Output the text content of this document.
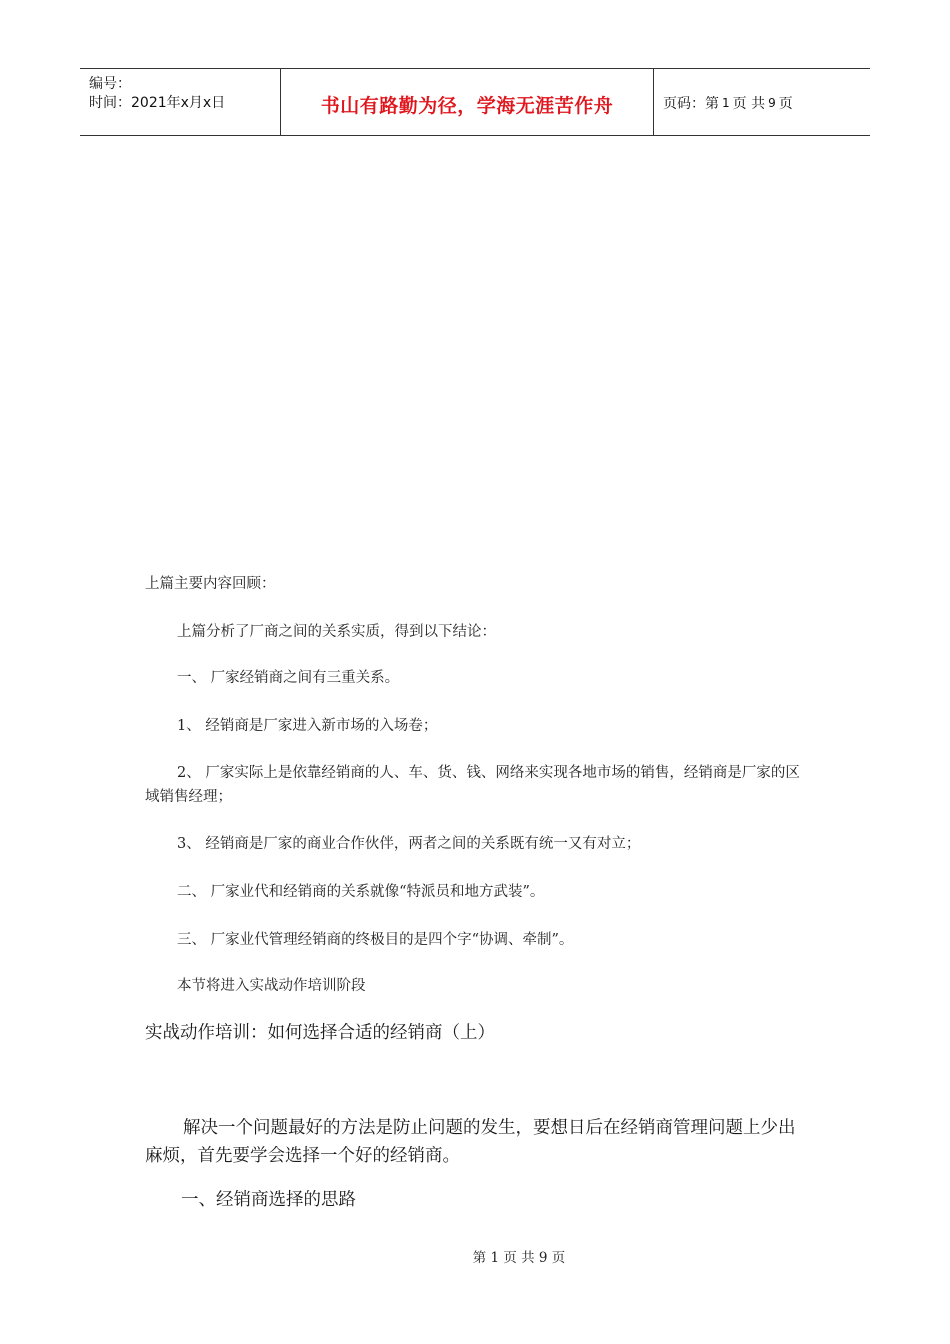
编号：
时间：2021年x月x日	书山有路勤为径，学海无涯苦作舟	页码：第 1 页 共 9 页
上篇主要内容回顾：
上篇分析了厂商之间的关系实质，得到以下结论：
一、 厂家经销商之间有三重关系。
1、 经销商是厂家进入新市场的入场卷；
2、 厂家实际上是依靠经销商的人、车、货、钱、网络来实现各地市场的销售，经销商是厂家的区域销售经理；
3、 经销商是厂家的商业合作伙伴，两者之间的关系既有统一又有对立；
二、 厂家业代和经销商的关系就像“特派员和地方武装”。
三、 厂家业代管理经销商的终极目的是四个字“协调、牵制”。
本节将进入实战动作培训阶段
实战动作培训：如何选择合适的经销商（上）
解决一个问题最好的方法是防止问题的发生，要想日后在经销商管理问题上少出麻烦，首先要学会选择一个好的经销商。
一、经销商选择的思路
第 1 页 共 9 页
